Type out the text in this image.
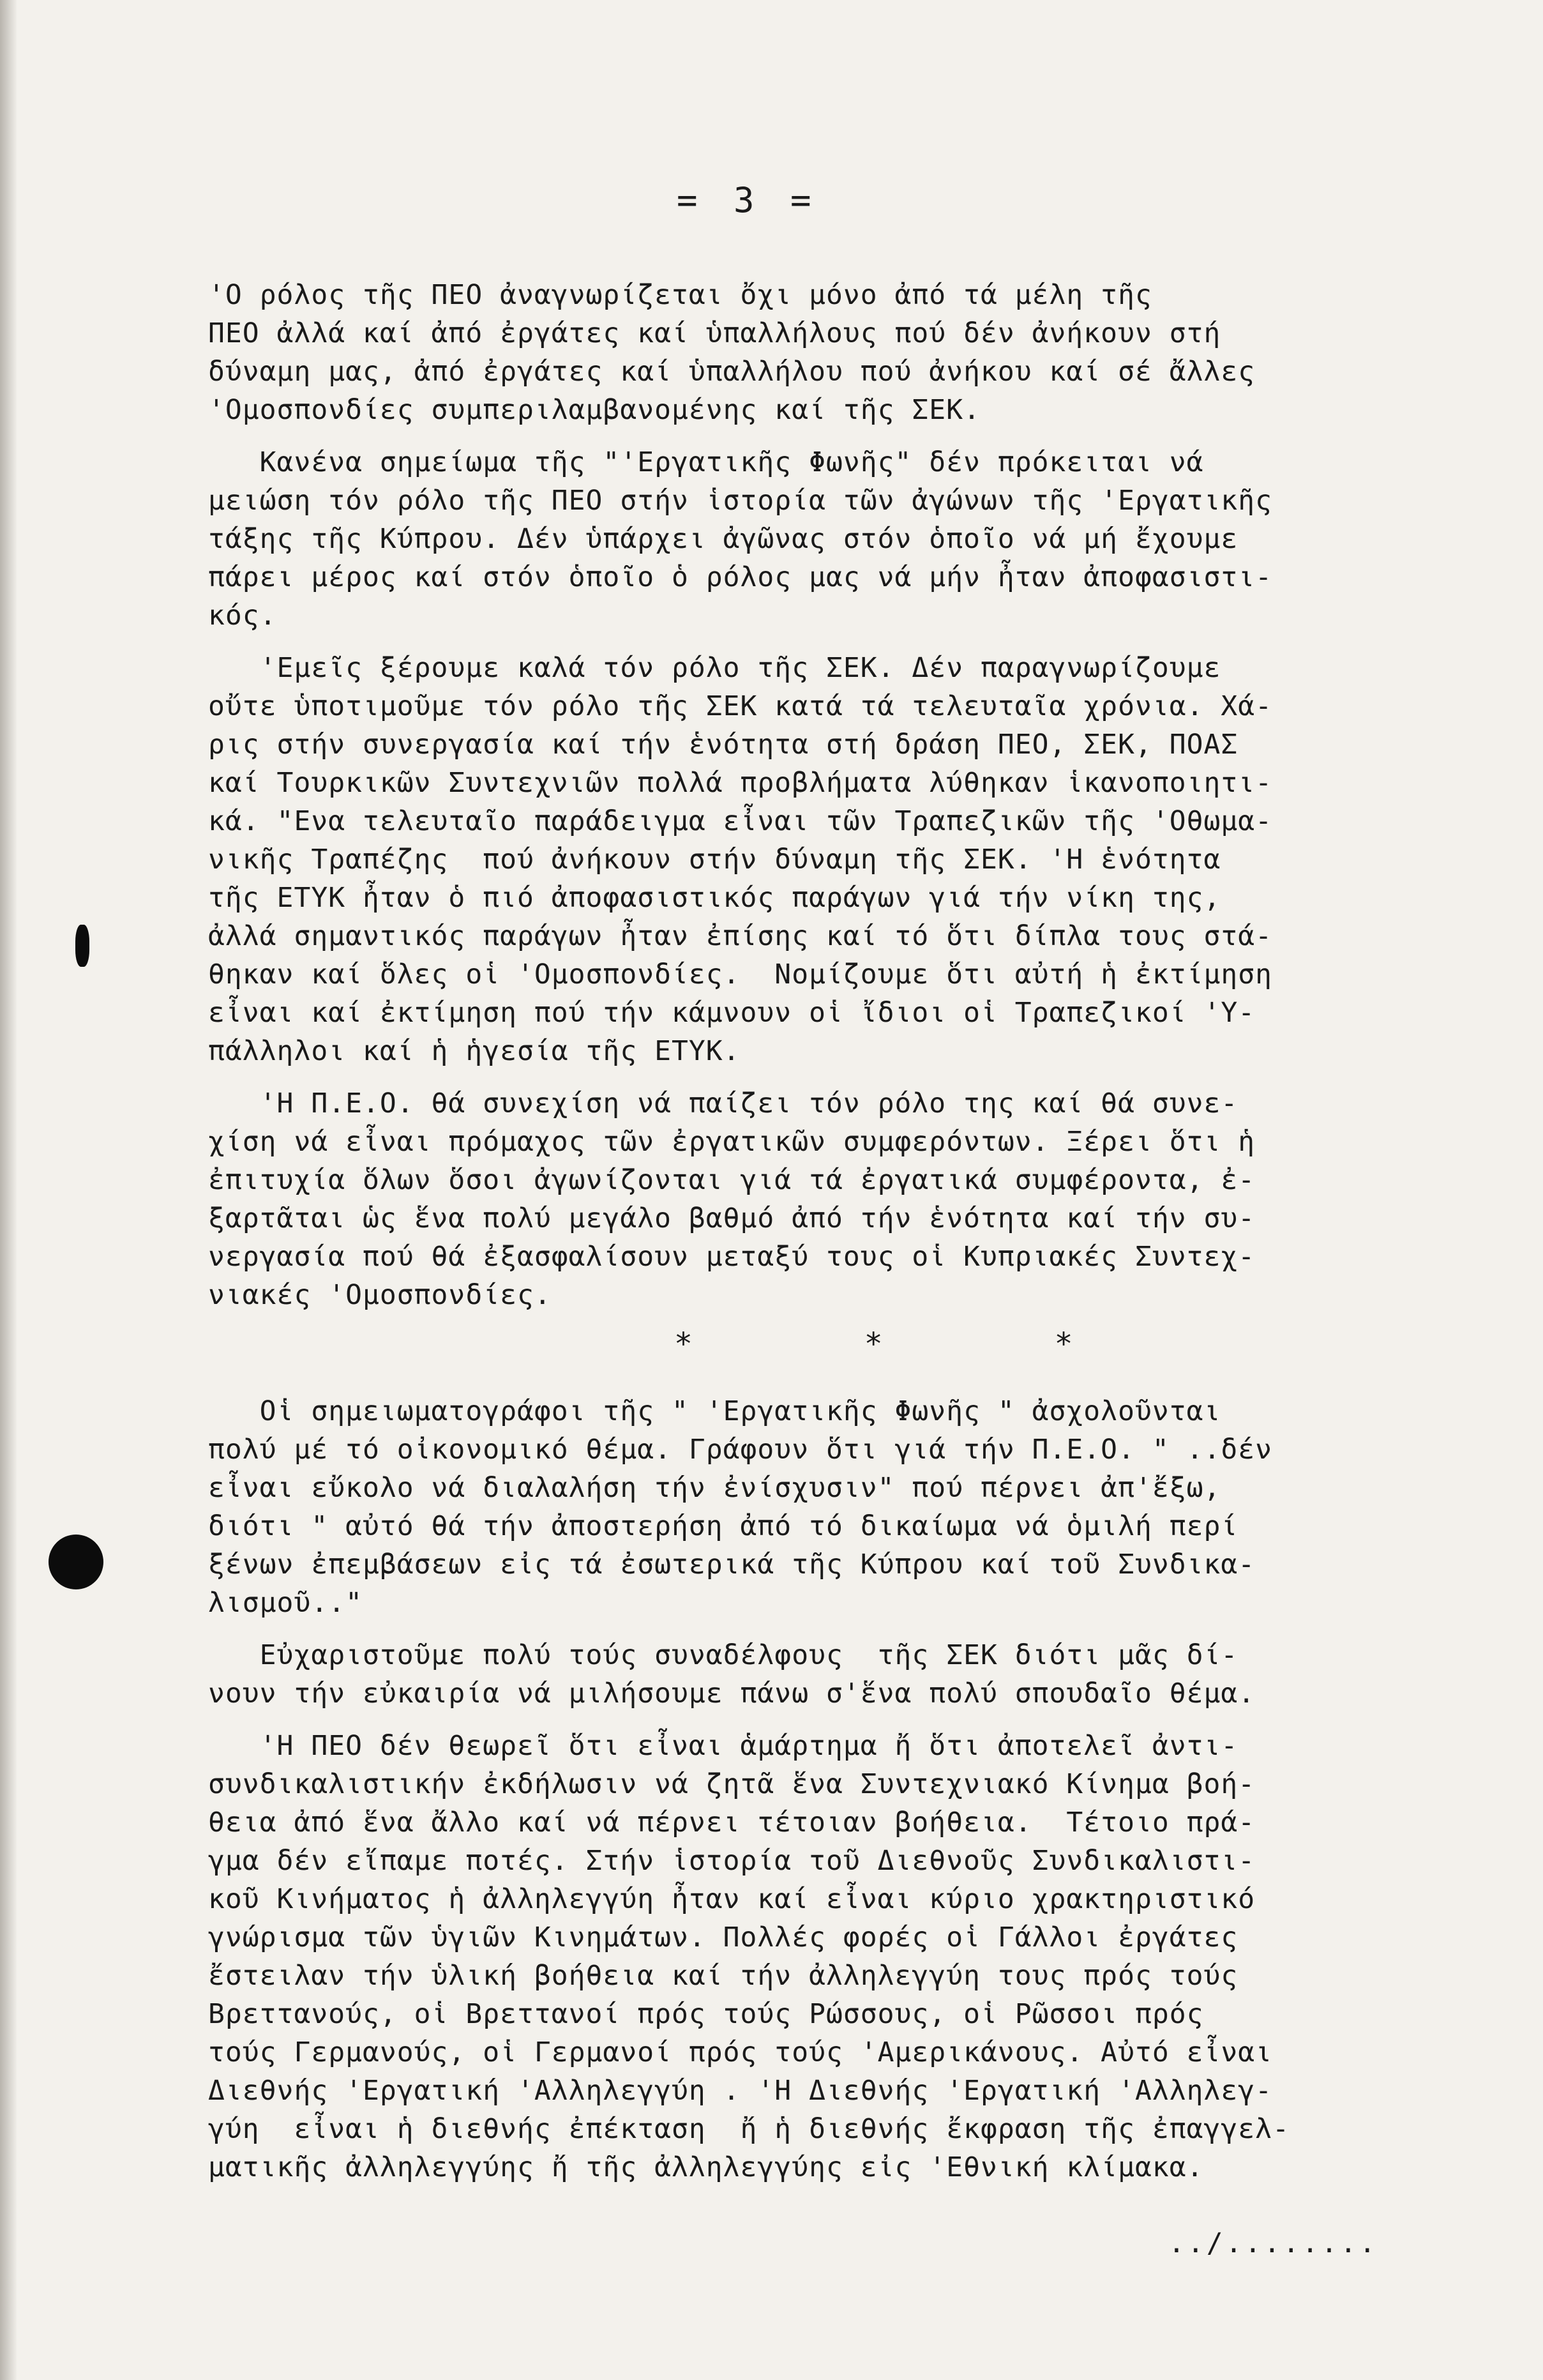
= 3 =
'Ο ρόλος τῆς ΠΕΟ ἀναγνωρίζεται ὄχι μόνο ἀπό τά μέλη τῆς
ΠΕΟ ἀλλά καί ἀπό ἐργάτες καί ὑπαλλήλους πού δέν ἀνήκουν στή
δύναμη μας, ἀπό ἐργάτες καί ὑπαλλήλου πού ἀνήκου καί σέ ἄλλες
'Ομοσπονδίες συμπεριλαμβανομένης καί τῆς ΣΕΚ.
Κανένα σημείωμα τῆς "'Εργατικῆς Φωνῆς" δέν πρόκειται νά
μειώση τόν ρόλο τῆς ΠΕΟ στήν ἱστορία τῶν ἀγώνων τῆς 'Εργατικῆς
τάξης τῆς Κύπρου. Δέν ὑπάρχει ἀγῶνας στόν ὁποῖο νά μή ἔχουμε
πάρει μέρος καί στόν ὁποῖο ὁ ρόλος μας νά μήν ἦταν ἀποφασιστι-
κός.
'Εμεῖς ξέρουμε καλά τόν ρόλο τῆς ΣΕΚ. Δέν παραγνωρίζουμε
οὔτε ὑποτιμοῦμε τόν ρόλο τῆς ΣΕΚ κατά τά τελευταῖα χρόνια. Χά-
ρις στήν συνεργασία καί τήν ἑνότητα στή δράση ΠΕΟ, ΣΕΚ, ΠΟΑΣ
καί Τουρκικῶν Συντεχνιῶν πολλά προβλήματα λύθηκαν ἱκανοποιητι-
κά. "Ενα τελευταῖο παράδειγμα εἶναι τῶν Τραπεζικῶν τῆς 'Οθωμα-
νικῆς Τραπέζης  πού ἀνήκουν στήν δύναμη τῆς ΣΕΚ. 'Η ἑνότητα
τῆς ΕΤΥΚ ἦταν ὁ πιό ἀποφασιστικός παράγων γιά τήν νίκη της,
ἀλλά σημαντικός παράγων ἦταν ἐπίσης καί τό ὅτι δίπλα τους στά-
θηκαν καί ὅλες οἱ 'Ομοσπονδίες.  Νομίζουμε ὅτι αὐτή ἡ ἐκτίμηση
εἶναι καί ἐκτίμηση πού τήν κάμνουν οἱ ἴδιοι οἱ Τραπεζικοί 'Υ-
πάλληλοι καί ἡ ἡγεσία τῆς ΕΤΥΚ.
'Η Π.Ε.Ο. θά συνεχίση νά παίζει τόν ρόλο της καί θά συνε-
χίση νά εἶναι πρόμαχος τῶν ἐργατικῶν συμφερόντων. Ξέρει ὅτι ἡ
ἐπιτυχία ὅλων ὅσοι ἀγωνίζονται γιά τά ἐργατικά συμφέροντα, ἐ-
ξαρτᾶται ὡς ἕνα πολύ μεγάλο βαθμό ἀπό τήν ἑνότητα καί τήν συ-
νεργασία πού θά ἐξασφαλίσουν μεταξύ τους οἱ Κυπριακές Συντεχ-
νιακές 'Ομοσπονδίες.
* * *
Οἱ σημειωματογράφοι τῆς " 'Εργατικῆς Φωνῆς " ἀσχολοῦνται
πολύ μέ τό οἰκονομικό θέμα. Γράφουν ὅτι γιά τήν Π.Ε.Ο. " ..δέν
εἶναι εὔκολο νά διαλαλήση τήν ἐνίσχυσιν" πού πέρνει ἀπ'ἔξω,
διότι " αὐτό θά τήν ἀποστερήση ἀπό τό δικαίωμα νά ὁμιλή περί
ξένων ἐπεμβάσεων εἰς τά ἐσωτερικά τῆς Κύπρου καί τοῦ Συνδικα-
λισμοῦ.."
Εὐχαριστοῦμε πολύ τούς συναδέλφους  τῆς ΣΕΚ διότι μᾶς δί-
νουν τήν εὐκαιρία νά μιλήσουμε πάνω σ'ἕνα πολύ σπουδαῖο θέμα.
'Η ΠΕΟ δέν θεωρεῖ ὅτι εἶναι ἁμάρτημα ἤ ὅτι ἀποτελεῖ ἀντι-
συνδικαλιστικήν ἐκδήλωσιν νά ζητᾶ ἕνα Συντεχνιακό Κίνημα βοή-
θεια ἀπό ἕνα ἄλλο καί νά πέρνει τέτοιαν βοήθεια.  Τέτοιο πρά-
γμα δέν εἴπαμε ποτές. Στήν ἱστορία τοῦ Διεθνοῦς Συνδικαλιστι-
κοῦ Κινήματος ἡ ἀλληλεγγύη ἦταν καί εἶναι κύριο χρακτηριστικό
γνώρισμα τῶν ὑγιῶν Κινημάτων. Πολλές φορές οἱ Γάλλοι ἐργάτες
ἔστειλαν τήν ὑλική βοήθεια καί τήν ἀλληλεγγύη τους πρός τούς
Βρεττανούς, οἱ Βρεττανοί πρός τούς Ρώσσους, οἱ Ρῶσσοι πρός
τούς Γερμανούς, οἱ Γερμανοί πρός τούς 'Αμερικάνους. Αὐτό εἶναι
Διεθνής 'Εργατική 'Αλληλεγγύη . 'Η Διεθνής 'Εργατική 'Αλληλεγ-
γύη  εἶναι ἡ διεθνής ἐπέκταση  ἤ ἡ διεθνής ἔκφραση τῆς ἐπαγγελ-
ματικῆς ἀλληλεγγύης ἤ τῆς ἀλληλεγγύης εἰς 'Εθνική κλίμακα.
../........
